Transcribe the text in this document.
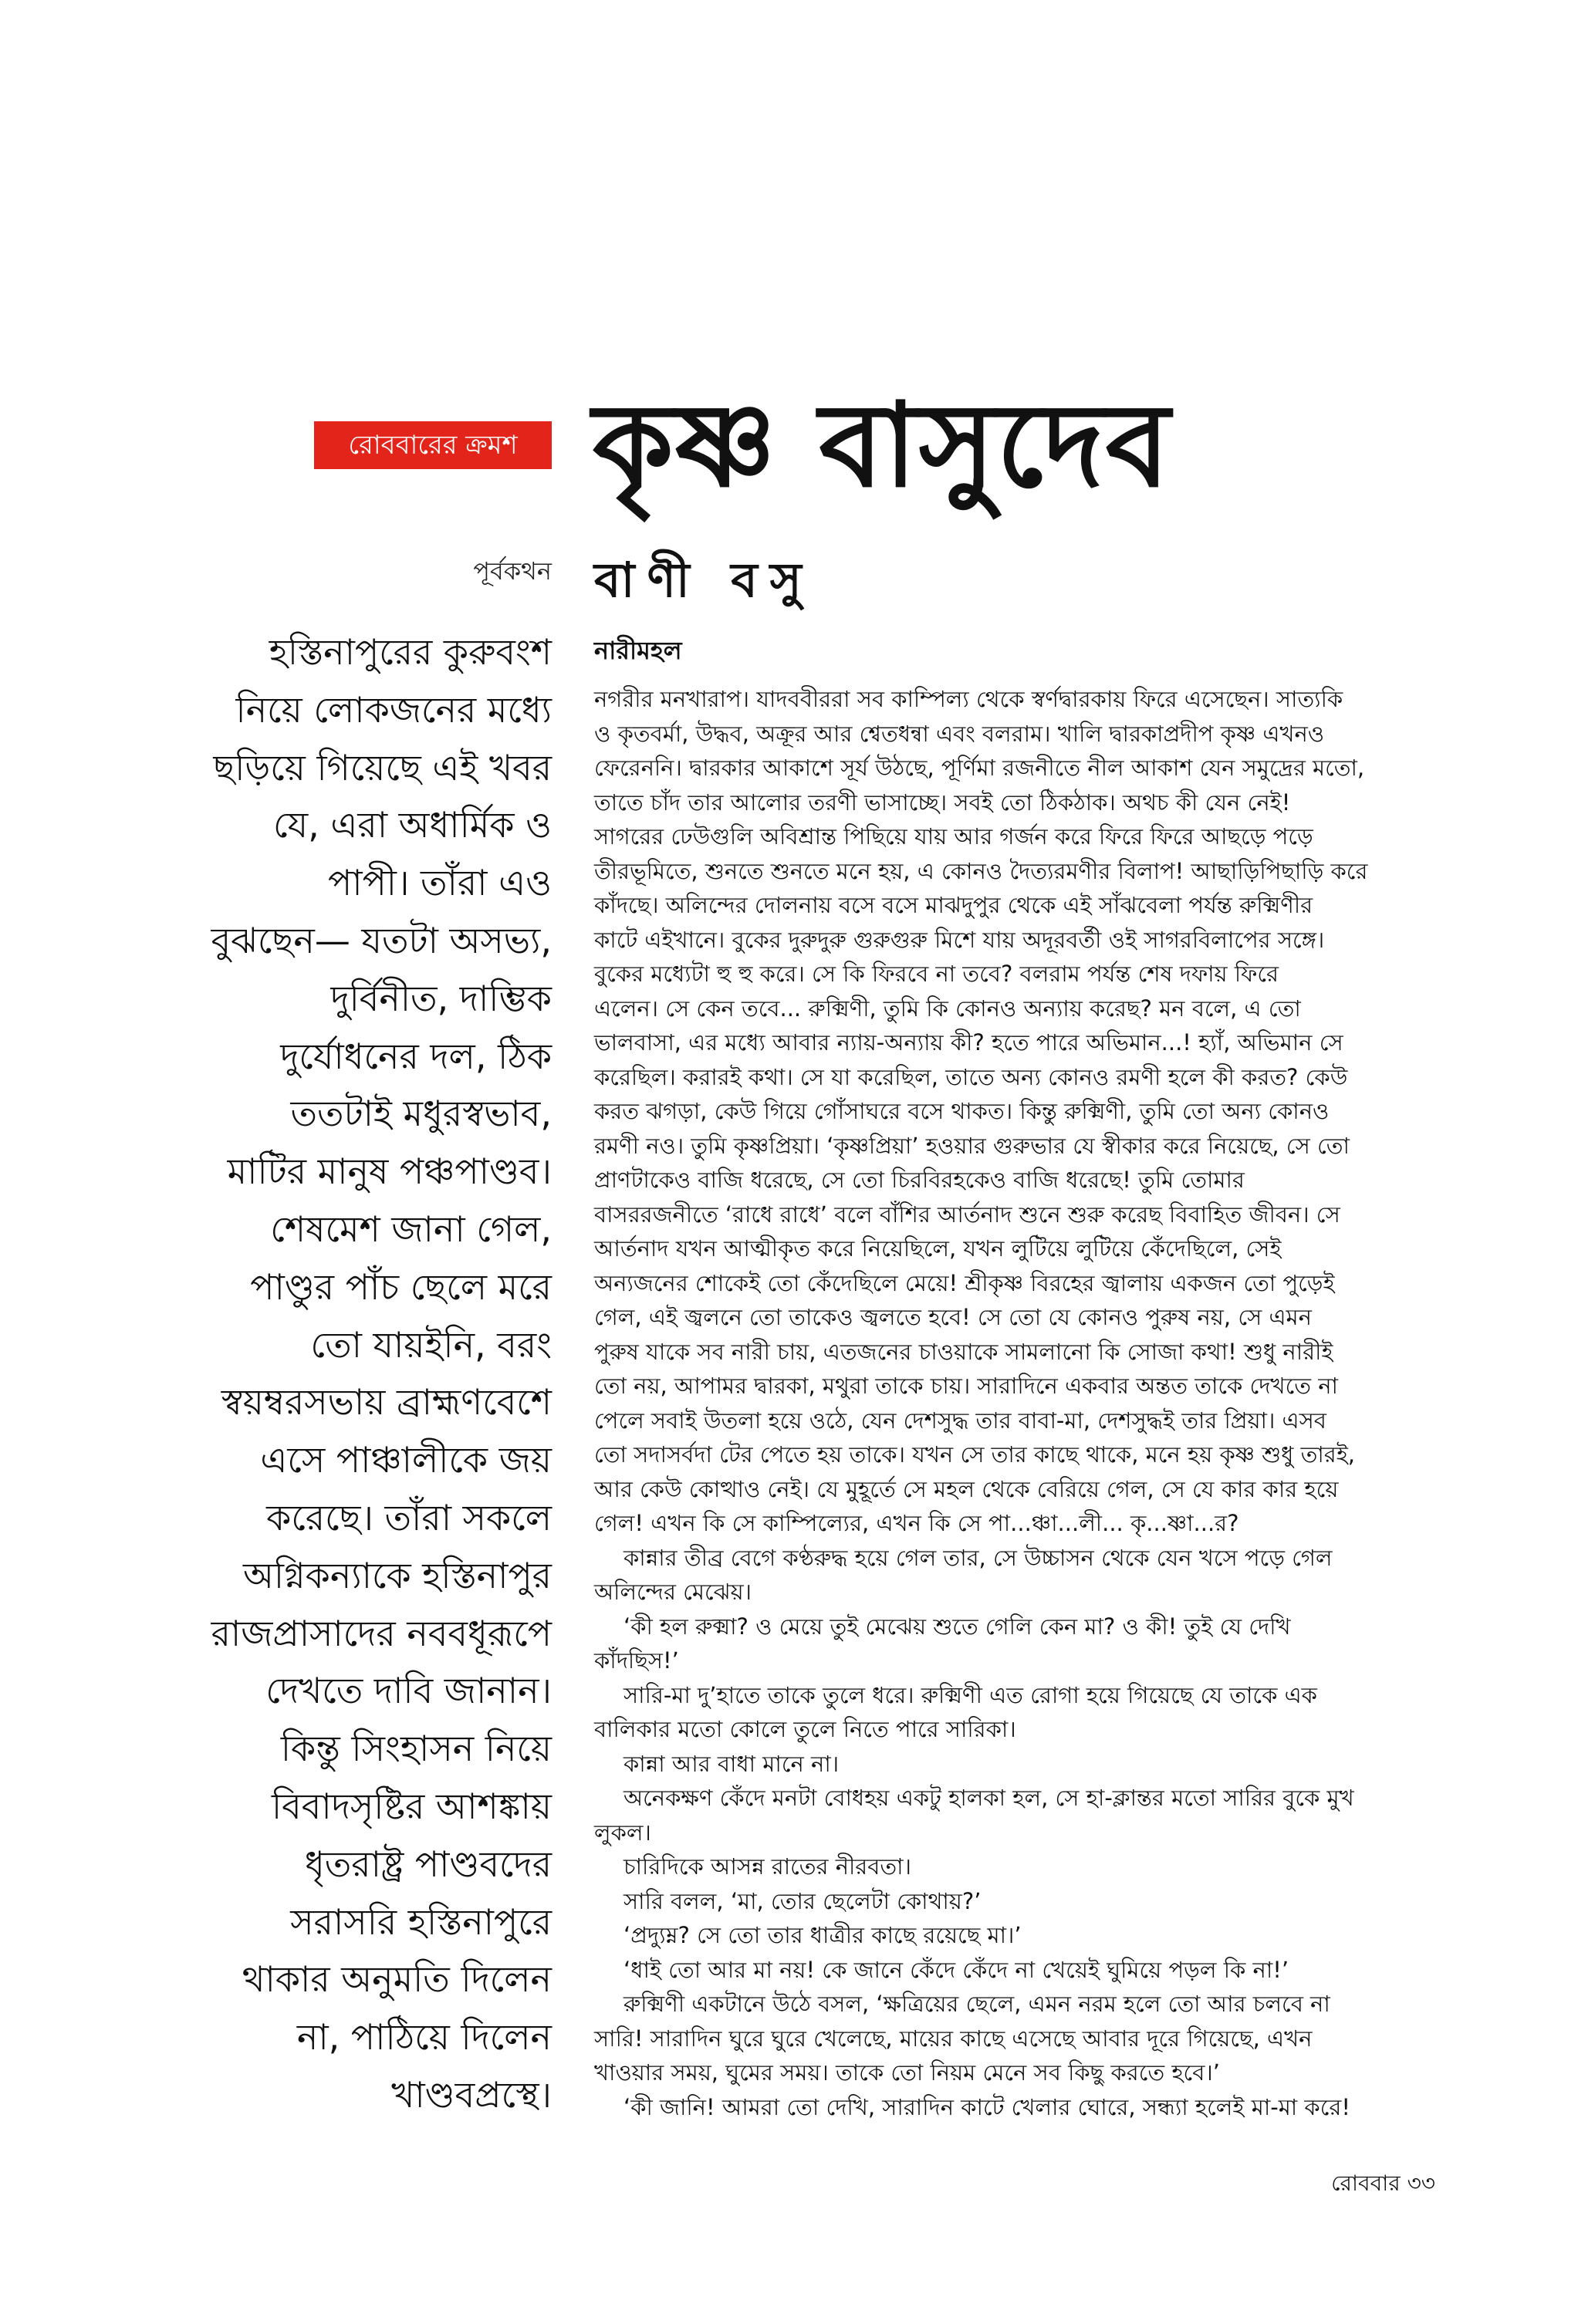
রোববারের ক্রমশ কৃষ্ণ বাসুদেব
পূর্বকথন বাণী বসু
হস্তিনাপুরের কুরুবংশ
নিয়ে লোকজনের মধ্যে
ছড়িয়ে গিয়েছে এই খবর
যে, এরা অধার্মিক ও
পাপী। তাঁরা এও
বুঝছেন— যতটা অসভ্য,
দুর্বিনীত, দাম্ভিক
দুর্যোধনের দল, ঠিক
ততটাই মধুরস্বভাব,
মাটির মানুষ পঞ্চপাণ্ডব।
শেষমেশ জানা গেল,
পাণ্ডুর পাঁচ ছেলে মরে
তো যায়ইনি, বরং
স্বয়ম্বরসভায় ব্রাহ্মণবেশে
এসে পাঞ্চালীকে জয়
করেছে। তাঁরা সকলে
অগ্নিকন্যাকে হস্তিনাপুর
রাজপ্রাসাদের নববধূরূপে
দেখতে দাবি জানান।
কিন্তু সিংহাসন নিয়ে
বিবাদসৃষ্টির আশঙ্কায়
ধৃতরাষ্ট্র পাণ্ডবদের
সরাসরি হস্তিনাপুরে
থাকার অনুমতি দিলেন
না, পাঠিয়ে দিলেন
খাণ্ডবপ্রস্থে।
নারীমহল
নগরীর মনখারাপ। যাদববীররা সব কাম্পিল্য থেকে স্বর্ণদ্বারকায় ফিরে এসেছেন। সাত্যকি
ও কৃতবর্মা, উদ্ধব, অক্রূর আর শ্বেতধন্বা এবং বলরাম। খালি দ্বারকাপ্রদীপ কৃষ্ণ এখনও
ফেরেননি। দ্বারকার আকাশে সূর্য উঠছে, পূর্ণিমা রজনীতে নীল আকাশ যেন সমুদ্রের মতো,
তাতে চাঁদ তার আলোর তরণী ভাসাচ্ছে। সবই তো ঠিকঠাক। অথচ কী যেন নেই!
সাগরের ঢেউগুলি অবিশ্রান্ত পিছিয়ে যায় আর গর্জন করে ফিরে ফিরে আছড়ে পড়ে
তীরভূমিতে, শুনতে শুনতে মনে হয়, এ কোনও দৈত্যরমণীর বিলাপ! আছাড়িপিছাড়ি করে
কাঁদছে। অলিন্দের দোলনায় বসে বসে মাঝদুপুর থেকে এই সাঁঝবেলা পর্যন্ত রুক্মিণীর
কাটে এইখানে। বুকের দুরুদুরু গুরুগুরু মিশে যায় অদূরবর্তী ওই সাগরবিলাপের সঙ্গে।
বুকের মধ্যেটা হু হু করে। সে কি ফিরবে না তবে? বলরাম পর্যন্ত শেষ দফায় ফিরে
এলেন। সে কেন তবে... রুক্মিণী, তুমি কি কোনও অন্যায় করেছ? মন বলে, এ তো
ভালবাসা, এর মধ্যে আবার ন্যায়-অন্যায় কী? হতে পারে অভিমান...! হ্যাঁ, অভিমান সে
করেছিল। করারই কথা। সে যা করেছিল, তাতে অন্য কোনও রমণী হলে কী করত? কেউ
করত ঝগড়া, কেউ গিয়ে গোঁসাঘরে বসে থাকত। কিন্তু রুক্মিণী, তুমি তো অন্য কোনও
রমণী নও। তুমি কৃষ্ণপ্রিয়া। ‘কৃষ্ণপ্রিয়া’ হওয়ার গুরুভার যে স্বীকার করে নিয়েছে, সে তো
প্রাণটাকেও বাজি ধরেছে, সে তো চিরবিরহকেও বাজি ধরেছে! তুমি তোমার
বাসররজনীতে ‘রাধে রাধে’ বলে বাঁশির আর্তনাদ শুনে শুরু করেছ বিবাহিত জীবন। সে
আর্তনাদ যখন আত্মীকৃত করে নিয়েছিলে, যখন লুটিয়ে লুটিয়ে কেঁদেছিলে, সেই
অন্যজনের শোকেই তো কেঁদেছিলে মেয়ে! শ্রীকৃষ্ণ বিরহের জ্বালায় একজন তো পুড়েই
গেল, এই জ্বলনে তো তাকেও জ্বলতে হবে! সে তো যে কোনও পুরুষ নয়, সে এমন
পুরুষ যাকে সব নারী চায়, এতজনের চাওয়াকে সামলানো কি সোজা কথা! শুধু নারীই
তো নয়, আপামর দ্বারকা, মথুরা তাকে চায়। সারাদিনে একবার অন্তত তাকে দেখতে না
পেলে সবাই উতলা হয়ে ওঠে, যেন দেশসুদ্ধ তার বাবা-মা, দেশসুদ্ধই তার প্রিয়া। এসব
তো সদাসর্বদা টের পেতে হয় তাকে। যখন সে তার কাছে থাকে, মনে হয় কৃষ্ণ শুধু তারই,
আর কেউ কোত্থাও নেই। যে মুহূর্তে সে মহল থেকে বেরিয়ে গেল, সে যে কার কার হয়ে
গেল! এখন কি সে কাম্পিল্যের, এখন কি সে পা...ঞ্চা...লী... কৃ...ষ্ণা...র?
কান্নার তীব্র বেগে কণ্ঠরুদ্ধ হয়ে গেল তার, সে উচ্চাসন থেকে যেন খসে পড়ে গেল
অলিন্দের মেঝেয়।
‘কী হল রুক্মা? ও মেয়ে তুই মেঝেয় শুতে গেলি কেন মা? ও কী! তুই যে দেখি
কাঁদছিস!’
সারি-মা দু’হাতে তাকে তুলে ধরে। রুক্মিণী এত রোগা হয়ে গিয়েছে যে তাকে এক
বালিকার মতো কোলে তুলে নিতে পারে সারিকা।
কান্না আর বাধা মানে না।
অনেকক্ষণ কেঁদে মনটা বোধহয় একটু হালকা হল, সে হা-ক্লান্তর মতো সারির বুকে মুখ
লুকল।
চারিদিকে আসন্ন রাতের নীরবতা।
সারি বলল, ‘মা, তোর ছেলেটা কোথায়?’
‘প্রদ্যুম্ন? সে তো তার ধাত্রীর কাছে রয়েছে মা।’
‘ধাই তো আর মা নয়! কে জানে কেঁদে কেঁদে না খেয়েই ঘুমিয়ে পড়ল কি না!’
রুক্মিণী একটানে উঠে বসল, ‘ক্ষত্রিয়ের ছেলে, এমন নরম হলে তো আর চলবে না
সারি! সারাদিন ঘুরে ঘুরে খেলেছে, মায়ের কাছে এসেছে আবার দূরে গিয়েছে, এখন
খাওয়ার সময়, ঘুমের সময়। তাকে তো নিয়ম মেনে সব কিছু করতে হবে।’
‘কী জানি! আমরা তো দেখি, সারাদিন কাটে খেলার ঘোরে, সন্ধ্যা হলেই মা-মা করে!
রোববার ৩৩
